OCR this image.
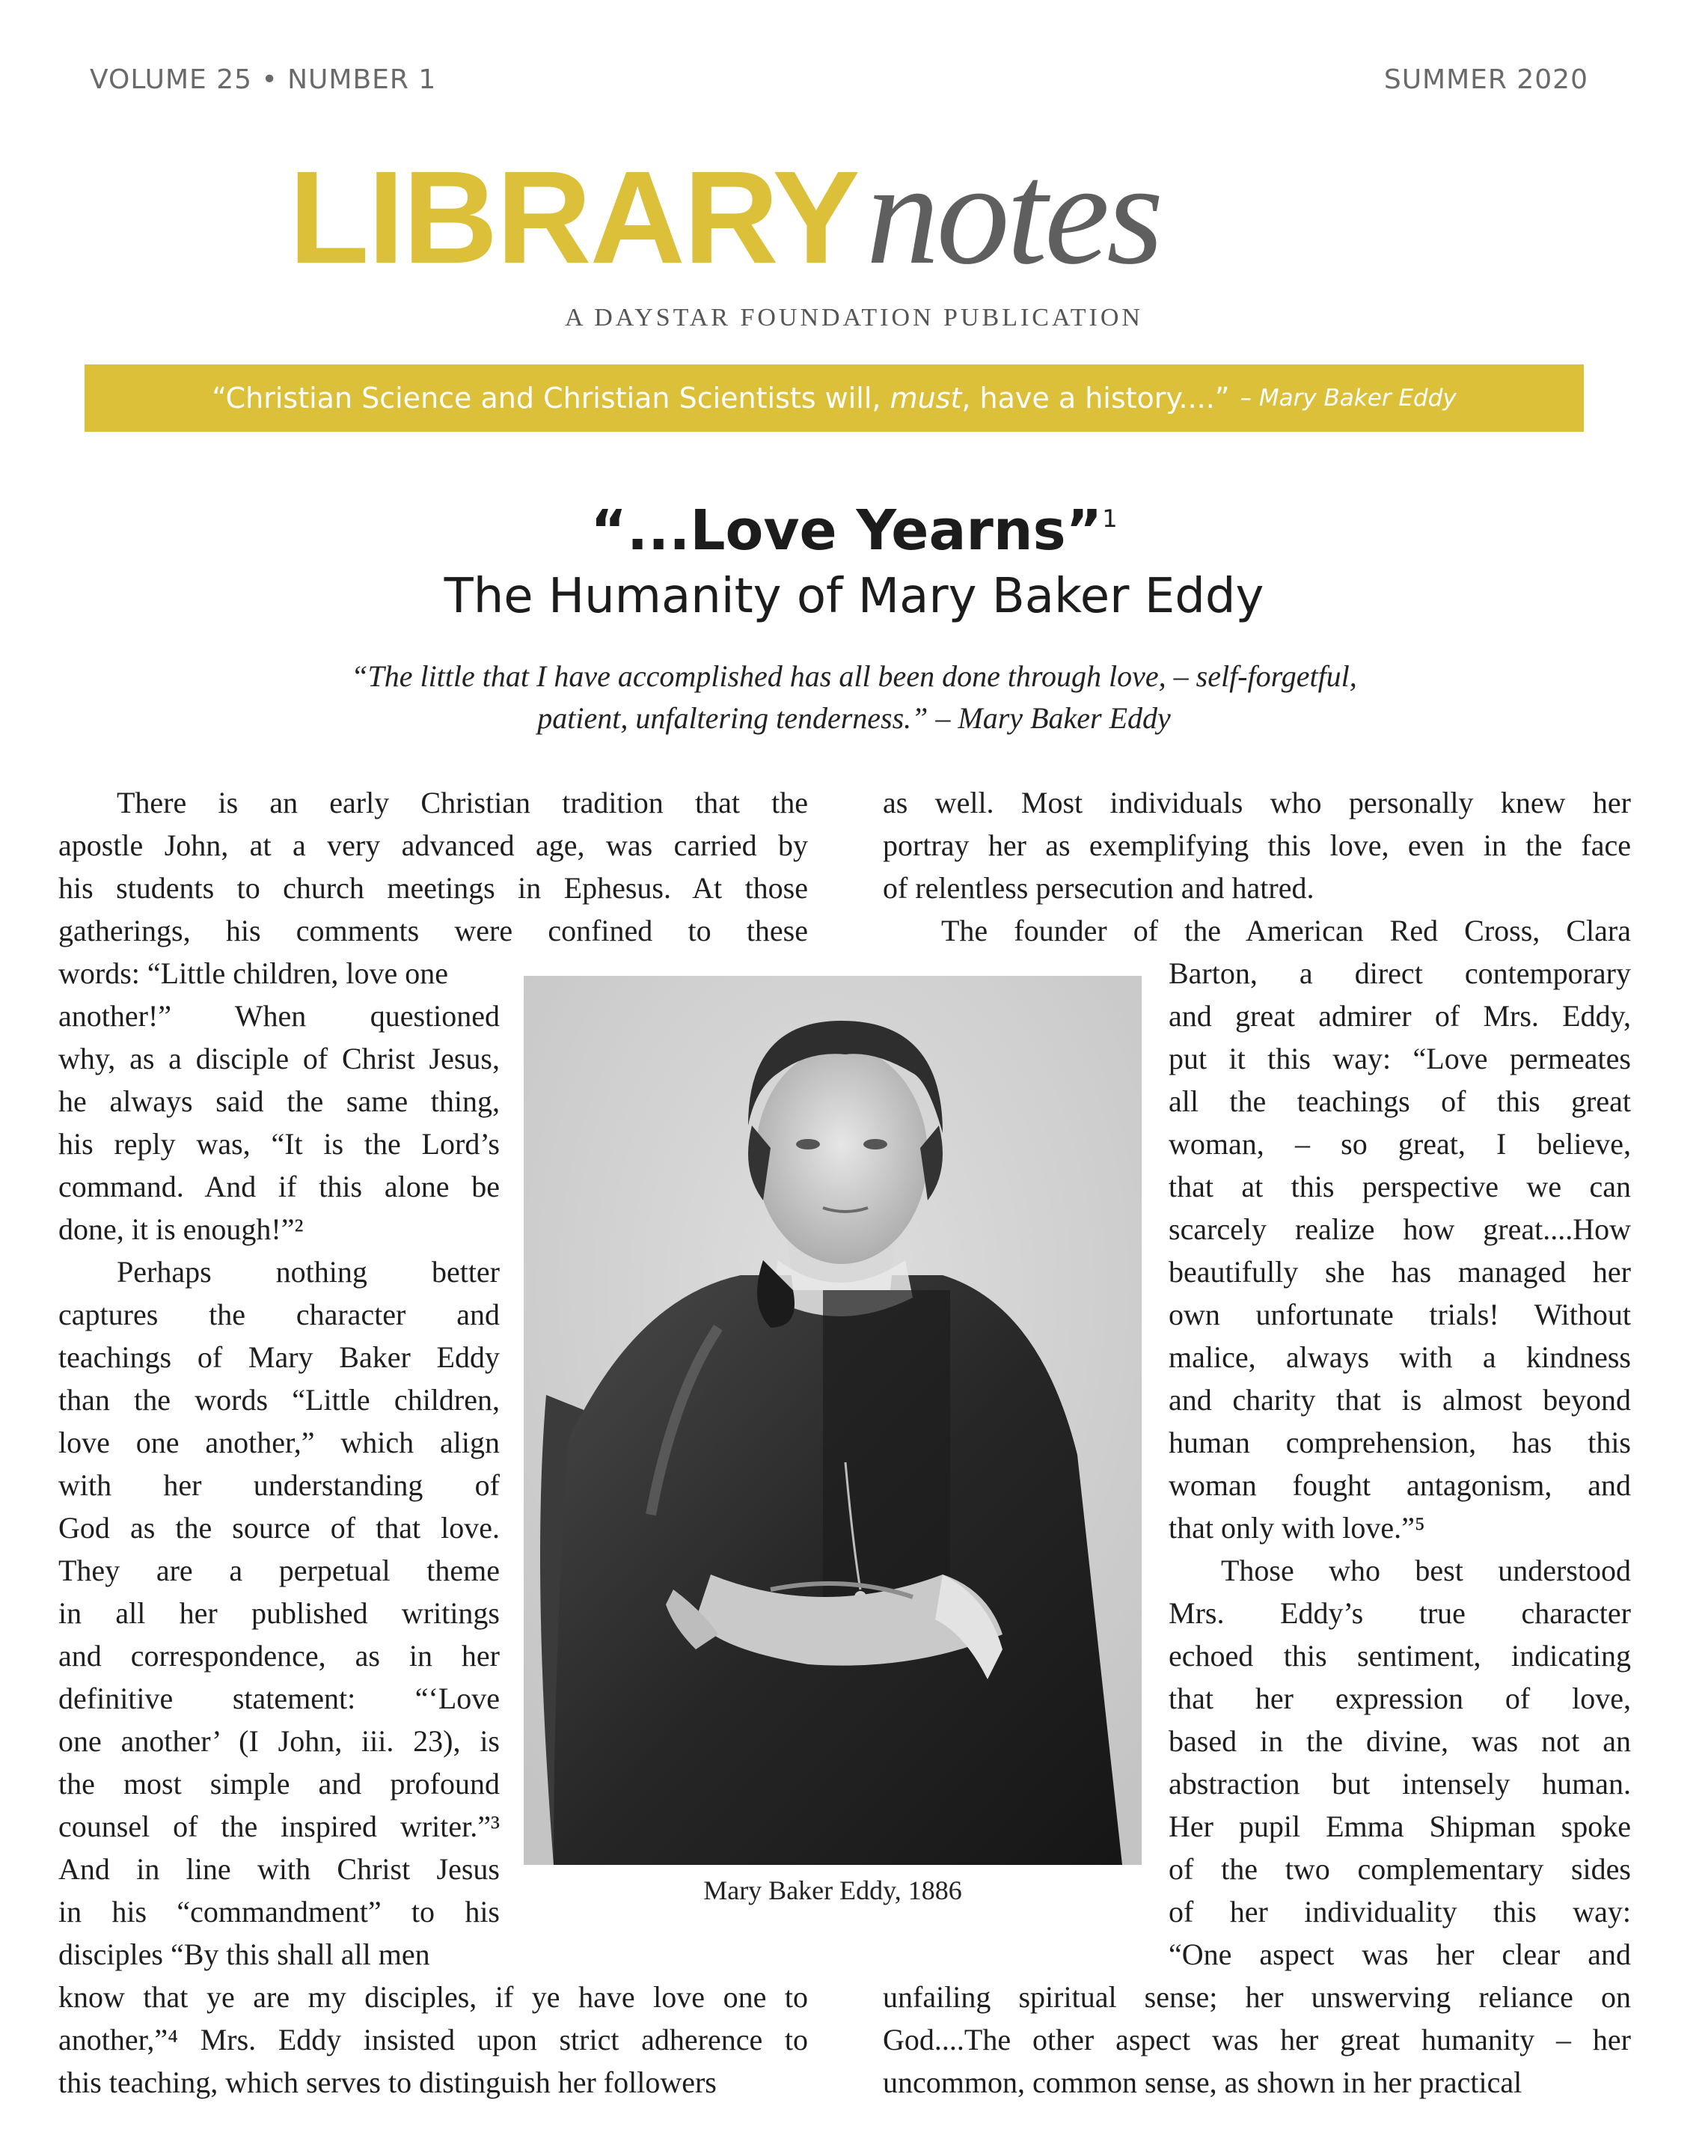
VOLUME 25 • NUMBER 1	SUMMER 2020
LIBRARYnotes
A DAYSTAR FOUNDATION PUBLICATION
“Christian Science and Christian Scientists will, must, have a history....” – Mary Baker Eddy
“...Love Yearns”$^1$
The Humanity of Mary Baker Eddy
“The little that I have accomplished has all been done through love, – self-forgetful,
patient, unfaltering tenderness.” – Mary Baker Eddy
Mary Baker Eddy, 1886
There is an early Christian tradition that the
apostle John, at a very advanced age, was carried by
his students to church meetings in Ephesus. At those
gatherings, his comments were confined to these
words: “Little children, love one
another!” When questioned
why, as a disciple of Christ Jesus,
he always said the same thing,
his reply was, “It is the Lord’s
command. And if this alone be
done, it is enough!”²
Perhaps nothing better
captures the character and
teachings of Mary Baker Eddy
than the words “Little children,
love one another,” which align
with her understanding of
God as the source of that love.
They are a perpetual theme
in all her published writings
and correspondence, as in her
definitive statement: “‘Love
one another’ (I John, iii. 23), is
the most simple and profound
counsel of the inspired writer.”³
And in line with Christ Jesus
in his “commandment” to his
disciples “By this shall all men
know that ye are my disciples, if ye have love one to
another,”⁴ Mrs. Eddy insisted upon strict adherence to
this teaching, which serves to distinguish her followers
as well. Most individuals who personally knew her
portray her as exemplifying this love, even in the face
of relentless persecution and hatred.
The founder of the American Red Cross, Clara
Barton, a direct contemporary
and great admirer of Mrs. Eddy,
put it this way: “Love permeates
all the teachings of this great
woman, – so great, I believe,
that at this perspective we can
scarcely realize how great....How
beautifully she has managed her
own unfortunate trials! Without
malice, always with a kindness
and charity that is almost beyond
human comprehension, has this
woman fought antagonism, and
that only with love.”⁵
Those who best understood
Mrs. Eddy’s true character
echoed this sentiment, indicating
that her expression of love,
based in the divine, was not an
abstraction but intensely human.
Her pupil Emma Shipman spoke
of the two complementary sides
of her individuality this way:
“One aspect was her clear and
unfailing spiritual sense; her unswerving reliance on
God....The other aspect was her great humanity – her
uncommon, common sense, as shown in her practical
